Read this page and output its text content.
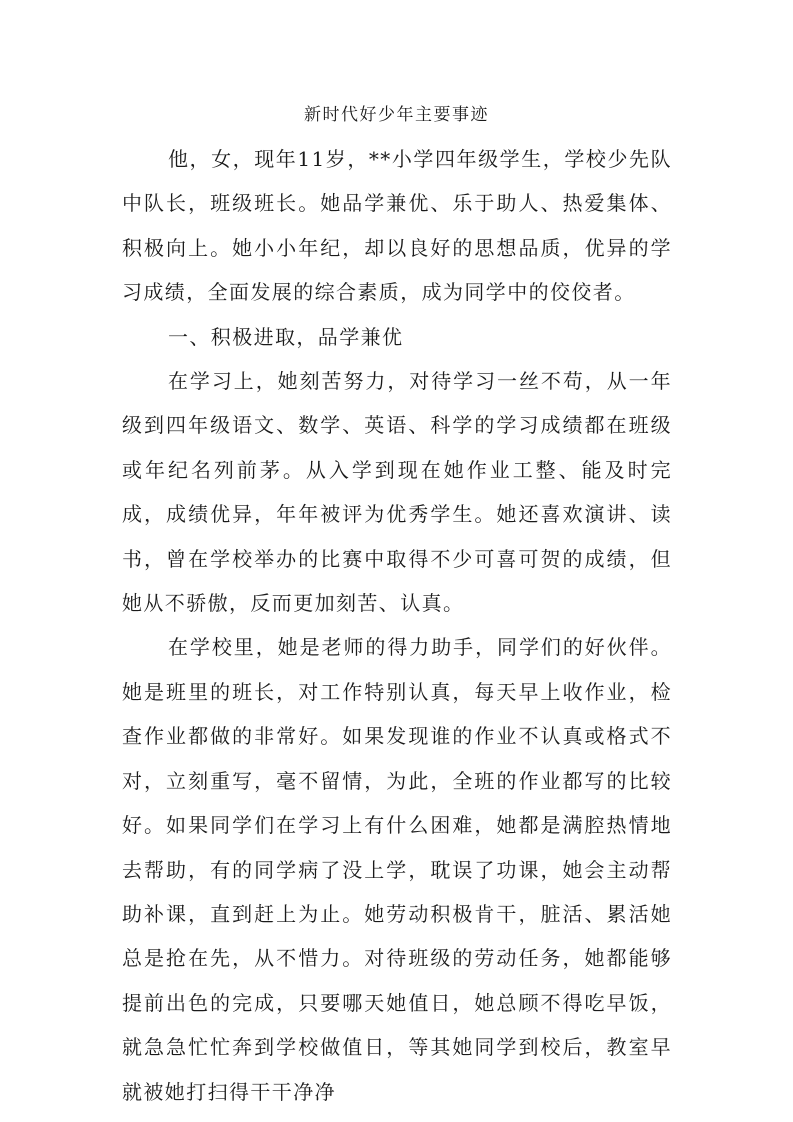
新时代好少年主要事迹

他，女，现年11岁，**小学四年级学生，学校少先队中队长，班级班长。她品学兼优、乐于助人、热爱集体、积极向上。她小小年纪，却以良好的思想品质，优异的学习成绩，全面发展的综合素质，成为同学中的佼佼者。

一、积极进取，品学兼优

在学习上，她刻苦努力，对待学习一丝不苟，从一年级到四年级语文、数学、英语、科学的学习成绩都在班级或年纪名列前茅。从入学到现在她作业工整、能及时完成，成绩优异，年年被评为优秀学生。她还喜欢演讲、读书，曾在学校举办的比赛中取得不少可喜可贺的成绩，但她从不骄傲，反而更加刻苦、认真。

在学校里，她是老师的得力助手，同学们的好伙伴。她是班里的班长，对工作特别认真，每天早上收作业，检查作业都做的非常好。如果发现谁的作业不认真或格式不对，立刻重写，毫不留情，为此，全班的作业都写的比较好。如果同学们在学习上有什么困难，她都是满腔热情地去帮助，有的同学病了没上学，耽误了功课，她会主动帮助补课，直到赶上为止。她劳动积极肯干，脏活、累活她总是抢在先，从不惜力。对待班级的劳动任务，她都能够提前出色的完成，只要哪天她值日，她总顾不得吃早饭，就急急忙忙奔到学校做值日，等其她同学到校后，教室早就被她打扫得干干净净
